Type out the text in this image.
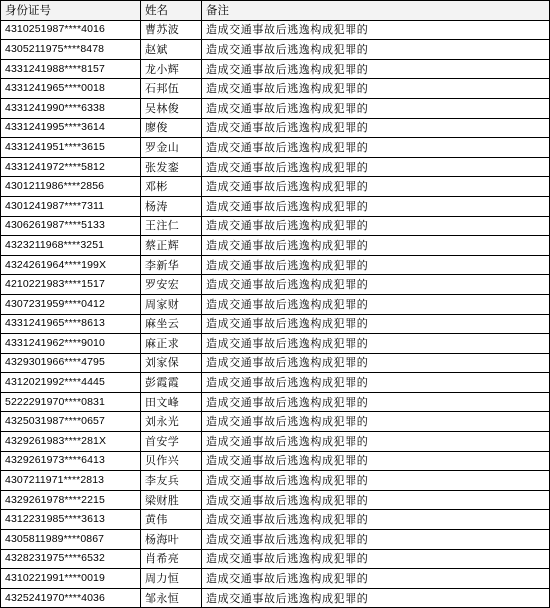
身份证号	姓名	备注
4310251987****4016	曹苏波	造成交通事故后逃逸构成犯罪的
4305211975****8478	赵斌	造成交通事故后逃逸构成犯罪的
4331241988****8157	龙小辉	造成交通事故后逃逸构成犯罪的
4331241965****0018	石邦伍	造成交通事故后逃逸构成犯罪的
4331241990****6338	吴林俊	造成交通事故后逃逸构成犯罪的
4331241995****3614	廖俊	造成交通事故后逃逸构成犯罪的
4331241951****3615	罗金山	造成交通事故后逃逸构成犯罪的
4331241972****5812	张发銮	造成交通事故后逃逸构成犯罪的
4301211986****2856	邓彬	造成交通事故后逃逸构成犯罪的
4301241987****7311	杨涛	造成交通事故后逃逸构成犯罪的
4306261987****5133	王注仁	造成交通事故后逃逸构成犯罪的
4323211968****3251	蔡正辉	造成交通事故后逃逸构成犯罪的
4324261964****199X	李新华	造成交通事故后逃逸构成犯罪的
4210221983****1517	罗安宏	造成交通事故后逃逸构成犯罪的
4307231959****0412	周家财	造成交通事故后逃逸构成犯罪的
4331241965****8613	麻坐云	造成交通事故后逃逸构成犯罪的
4331241962****9010	麻正求	造成交通事故后逃逸构成犯罪的
4329301966****4795	刘家保	造成交通事故后逃逸构成犯罪的
4312021992****4445	彭霞霞	造成交通事故后逃逸构成犯罪的
5222291970****0831	田文峰	造成交通事故后逃逸构成犯罪的
4325031987****0657	刘永光	造成交通事故后逃逸构成犯罪的
4329261983****281X	首安学	造成交通事故后逃逸构成犯罪的
4329261973****6413	贝作兴	造成交通事故后逃逸构成犯罪的
4307211971****2813	李友兵	造成交通事故后逃逸构成犯罪的
4329261978****2215	梁财胜	造成交通事故后逃逸构成犯罪的
4312231985****3613	黄伟	造成交通事故后逃逸构成犯罪的
4305811989****0867	杨海叶	造成交通事故后逃逸构成犯罪的
4328231975****6532	肖希亮	造成交通事故后逃逸构成犯罪的
4310221991****0019	周力恒	造成交通事故后逃逸构成犯罪的
4325241970****4036	邹永恒	造成交通事故后逃逸构成犯罪的
